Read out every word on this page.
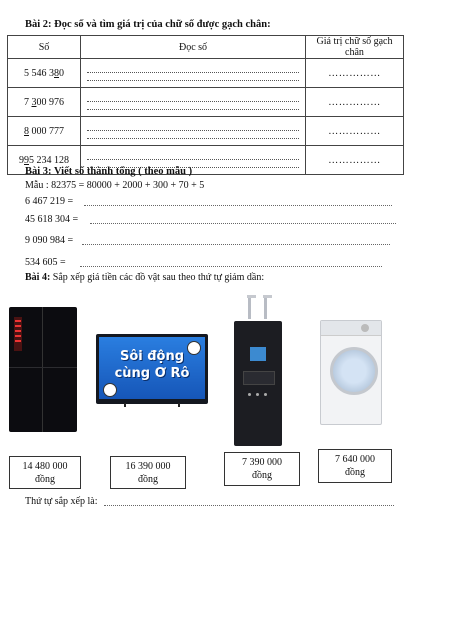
Bài 2: Đọc số và tìm giá trị của chữ số được gạch chân:
Số	Đọc số	Giá trị chữ số gạch chân
5 546 380		……………
7 300 976		……………
8 000 777		……………
995 234 128		……………
Bài 3: Viết số thành tổng ( theo mẫu )
Mẫu : 82375 = 80000 + 2000 + 300 + 70 + 5
6 467 219 =
45 618 304 =
9 090 984 =
534 605 =
Bài 4: Sắp xếp giá tiền các đồ vật sau theo thứ tự giảm dần:
Sôi động
cùng Ơ Rô
14 480 000
đồng
16 390 000
đồng
7 390 000
đồng
7 640 000
đồng
Thứ tự sắp xếp là:
